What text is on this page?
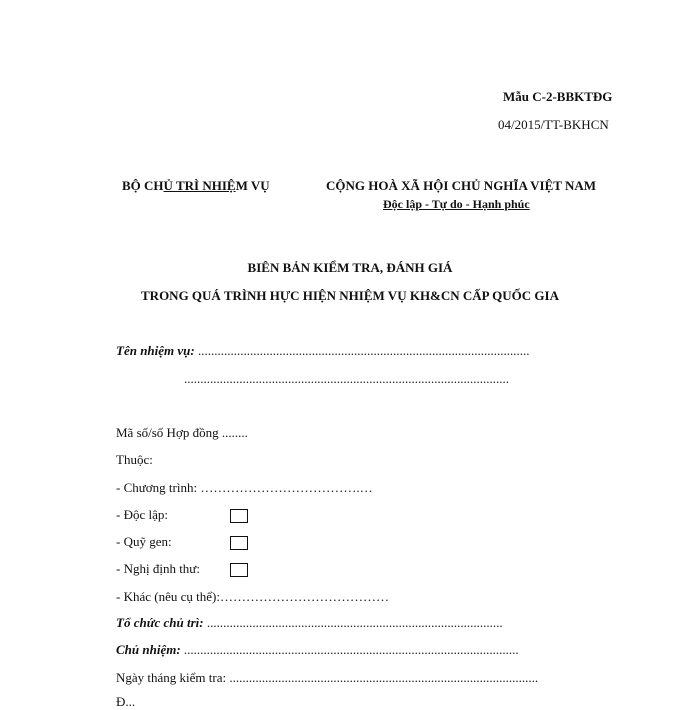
Mẫu C-2-BBKTĐG
04/2015/TT-BKHCN
BỘ CHỦ TRÌ NHIỆM VỤ	CỘNG HOÀ XÃ HỘI CHỦ NGHĨA VIỆT NAM
Độc lập - Tự do - Hạnh phúc
BIÊN BẢN KIỂM TRA, ĐÁNH GIÁ
TRONG QUÁ TRÌNH HỰC HIỆN NHIỆM VỤ KH&CN CẤP QUỐC GIA
Tên nhiệm vụ: ......................................................................................................
....................................................................................................
Mã số/số Hợp đồng ........
Thuộc:
- Chương trình: ……………………………….…
- Độc lập:
- Quỹ gen:
- Nghị định thư:
- Khác (nêu cụ thể):…………………………………
Tổ chức chủ trì: ...........................................................................................
Chủ nhiệm: .......................................................................................................
Ngày tháng kiểm tra: ...............................................................................................
Đ...
